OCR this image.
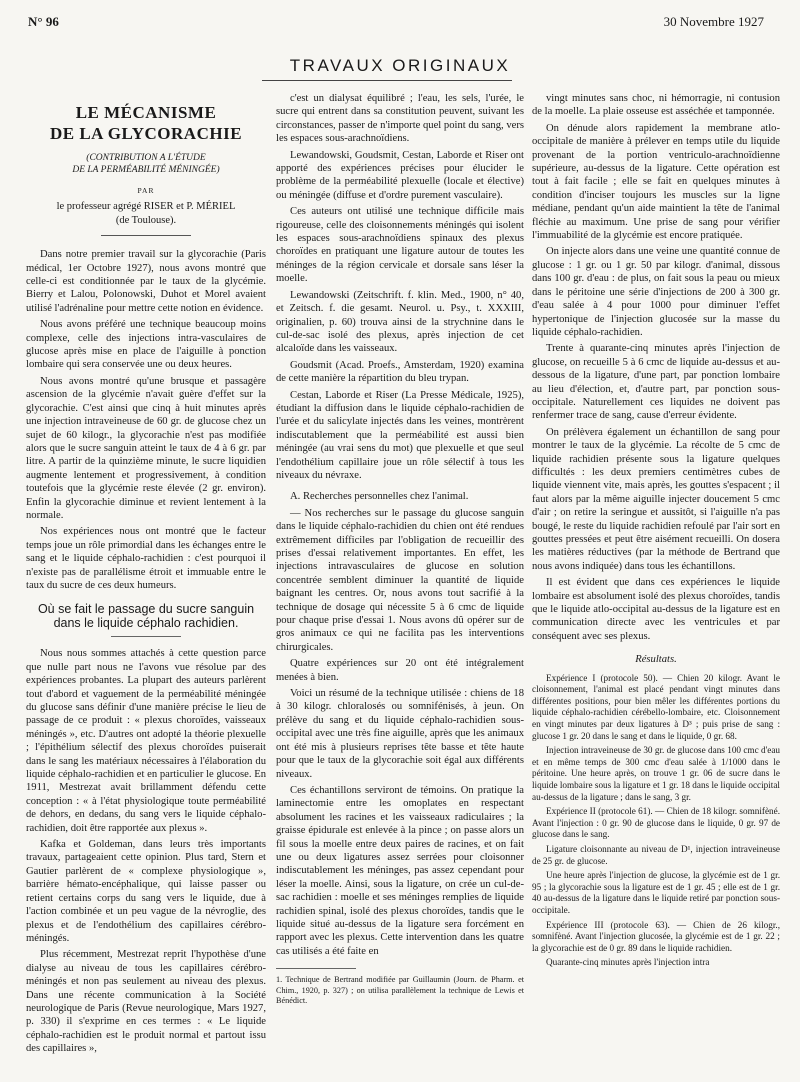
N° 96	30 Novembre 1927
TRAVAUX ORIGINAUX
LE MÉCANISME
DE LA GLYCORACHIE
(CONTRIBUTION A L'ÉTUDE
DE LA PERMÉABILITÉ MÉNINGÉE)
PAR
le professeur agrégé RISER et P. MÉRIEL
(de Toulouse).

Dans notre premier travail sur la glycorachie (Paris médical, 1er Octobre 1927), nous avons montré que celle-ci est conditionnée par le taux de la glycémie. Bierry et Lalou, Polonowski, Duhot et Morel avaient utilisé l'adrénaline pour mettre cette notion en évidence.

Nous avons préféré une technique beaucoup moins complexe, celle des injections intra-vasculaires de glucose après mise en place de l'aiguille à ponction lombaire qui sera conservée une ou deux heures.

Nous avons montré qu'une brusque et passagère ascension de la glycémie n'avait guère d'effet sur la glycorachie. C'est ainsi que cinq à huit minutes après une injection intraveineuse de 60 gr. de glucose chez un sujet de 60 kilogr., la glycorachie n'est pas modifiée alors que le sucre sanguin atteint le taux de 4 à 6 gr. par litre. A partir de la quinzième minute, le sucre liquidien augmente lentement et progressivement, à condition toutefois que la glycémie reste élevée (2 gr. environ). Enfin la glycorachie diminue et revient lentement à la normale.

Nos expériences nous ont montré que le facteur temps joue un rôle primordial dans les échanges entre le sang et le liquide céphalo-rachidien : c'est pourquoi il n'existe pas de parallélisme étroit et immuable entre le taux du sucre de ces deux humeurs.

Où se fait le passage du sucre sanguin dans le liquide céphalo rachidien.

Nous nous sommes attachés à cette question parce que nulle part nous ne l'avons vue résolue par des expériences probantes. La plupart des auteurs parlèrent tout d'abord et vaguement de la perméabilité méningée du glucose sans définir d'une manière précise le lieu de passage de ce produit : « plexus choroïdes, vaisseaux méningés », etc. D'autres ont adopté la théorie plexuelle ; l'épithélium sélectif des plexus choroïdes puiserait dans le sang les matériaux nécessaires à l'élaboration du liquide céphalo-rachidien et en particulier le glucose. En 1911, Mestrezat avait brillamment défendu cette conception : « à l'état physiologique toute perméabilité de dehors, en dedans, du sang vers le liquide céphalo-rachidien, doit être rapportée aux plexus ».

Kafka et Goldeman, dans leurs très importants travaux, partageaient cette opinion. Plus tard, Stern et Gautier parlèrent de « complexe physiologique », barrière hémato-encéphalique, qui laisse passer ou retient certains corps du sang vers le liquide, due à l'action combinée et un peu vague de la névroglie, des plexus et de l'endothélium des capillaires cérébro-méningés.

Plus récemment, Mestrezat reprit l'hypothèse d'une dialyse au niveau de tous les capillaires cérébro-méningés et non pas seulement au niveau des plexus. Dans une récente communication à la Société neurologique de Paris (Revue neurologique, Mars 1927, p. 330) il s'exprime en ces termes : « Le liquide céphalo-rachidien est le produit normal et partout issu des capillaires »,

c'est un dialysat équilibré ; l'eau, les sels, l'urée, le sucre qui entrent dans sa constitution peuvent, suivant les circonstances, passer de n'importe quel point du sang, vers les espaces sous-arachnoïdiens.

Lewandowski, Goudsmit, Cestan, Laborde et Riser ont apporté des expériences précises pour élucider le problème de la perméabilité plexuelle (locale et élective) ou méningée (diffuse et d'ordre purement vasculaire).

Ces auteurs ont utilisé une technique difficile mais rigoureuse, celle des cloisonnements méningés qui isolent les espaces sous-arachnoïdiens spinaux des plexus choroïdes en pratiquant une ligature autour de toutes les méninges de la région cervicale et dorsale sans léser la moelle.

Lewandowski (Zeitschrift. f. klin. Med., 1900, n° 40, et Zeitsch. f. die gesamt. Neurol. u. Psy., t. XXXIII, originalien, p. 60) trouva ainsi de la strychnine dans le cul-de-sac isolé des plexus, après injection de cet alcaloïde dans les vaisseaux.

Goudsmit (Acad. Proefs., Amsterdam, 1920) examina de cette manière la répartition du bleu trypan.

Cestan, Laborde et Riser (La Presse Médicale, 1925), étudiant la diffusion dans le liquide céphalo-rachidien de l'urée et du salicylate injectés dans les veines, montrèrent indiscutablement que la perméabilité est aussi bien méningée (au vrai sens du mot) que plexuelle et que seul l'endothélium capillaire joue un rôle sélectif à tous les niveaux du névraxe.

A. Recherches personnelles chez l'animal.

— Nos recherches sur le passage du glucose sanguin dans le liquide céphalo-rachidien du chien ont été rendues extrêmement difficiles par l'obligation de recueillir des prises d'essai relativement importantes. En effet, les injections intravasculaires de glucose en solution concentrée semblent diminuer la quantité de liquide baignant les centres. Or, nous avons tout sacrifié à la technique de dosage qui nécessite 5 à 6 cmc de liquide pour chaque prise d'essai 1. Nous avons dû opérer sur de gros animaux ce qui ne facilita pas les interventions chirurgicales.

Quatre expériences sur 20 ont été intégralement menées à bien.

Voici un résumé de la technique utilisée : chiens de 18 à 30 kilogr. chloralosés ou somnifénisés, à jeun. On prélève du sang et du liquide céphalo-rachidien sous-occipital avec une très fine aiguille, après que les animaux ont été mis à plusieurs reprises tête basse et tête haute pour que le taux de la glycorachie soit égal aux différents niveaux.

Ces échantillons serviront de témoins. On pratique la laminectomie entre les omoplates en respectant absolument les racines et les vaisseaux radiculaires ; la graisse épidurale est enlevée à la pince ; on passe alors un fil sous la moelle entre deux paires de racines, et on fait une ou deux ligatures assez serrées pour cloisonner indiscutablement les méninges, pas assez cependant pour léser la moelle. Ainsi, sous la ligature, on crée un cul-de-sac rachidien : moelle et ses méninges remplies de liquide rachidien spinal, isolé des plexus choroïdes, tandis que le liquide situé au-dessus de la ligature sera forcément en rapport avec les plexus. Cette intervention dans les quatre cas utilisés a été faite en

1. Technique de Bertrand modifiée par Guillaumin (Journ. de Pharm. et Chim., 1920, p. 327) ; on utilisa parallèlement la technique de Lewis et Bénédict.

vingt minutes sans choc, ni hémorragie, ni contusion de la moelle. La plaie osseuse est asséchée et tamponnée.

On dénude alors rapidement la membrane atlo-occipitale de manière à prélever en temps utile du liquide provenant de la portion ventriculo-arachnoïdienne supérieure, au-dessus de la ligature. Cette opération est tout à fait facile ; elle se fait en quelques minutes à condition d'inciser toujours les muscles sur la ligne médiane, pendant qu'un aide maintient la tête de l'animal fléchie au maximum. Une prise de sang pour vérifier l'immuabilité de la glycémie est encore pratiquée.

On injecte alors dans une veine une quantité connue de glucose : 1 gr. ou 1 gr. 50 par kilogr. d'animal, dissous dans 100 gr. d'eau : de plus, on fait sous la peau ou mieux dans le péritoine une série d'injections de 200 à 300 gr. d'eau salée à 4 pour 1000 pour diminuer l'effet hypertonique de l'injection glucosée sur la masse du liquide céphalo-rachidien.

Trente à quarante-cinq minutes après l'injection de glucose, on recueille 5 à 6 cmc de liquide au-dessus et au-dessous de la ligature, d'une part, par ponction lombaire au lieu d'élection, et, d'autre part, par ponction sous-occipitale. Naturellement ces liquides ne doivent pas renfermer trace de sang, cause d'erreur évidente.

On prélèvera également un échantillon de sang pour montrer le taux de la glycémie. La récolte de 5 cmc de liquide rachidien présente sous la ligature quelques difficultés : les deux premiers centimètres cubes de liquide viennent vite, mais après, les gouttes s'espacent ; il faut alors par la même aiguille injecter doucement 5 cmc d'air ; on retire la seringue et aussitôt, si l'aiguille n'a pas bougé, le reste du liquide rachidien refoulé par l'air sort en gouttes pressées et peut être aisément recueilli. On dosera les matières réductives (par la méthode de Bertrand que nous avons indiquée) dans tous les échantillons.

Il est évident que dans ces expériences le liquide lombaire est absolument isolé des plexus choroïdes, tandis que le liquide atlo-occipital au-dessus de la ligature est en communication directe avec les ventricules et par conséquent avec ses plexus.

Résultats.

Expérience I (protocole 50). — Chien 20 kilogr. Avant le cloisonnement, l'animal est placé pendant vingt minutes dans différentes positions, pour bien mêler les différentes portions du liquide céphalo-rachidien cérébello-lombaire, etc. Cloisonnement en vingt minutes par deux ligatures à D³ ; puis prise de sang : glucose 1 gr. 20 dans le sang et dans le liquide, 0 gr. 68.

Injection intraveineuse de 30 gr. de glucose dans 100 cmc d'eau et en même temps de 300 cmc d'eau salée à 1/1000 dans le péritoine. Une heure après, on trouve 1 gr. 06 de sucre dans le liquide lombaire sous la ligature et 1 gr. 18 dans le liquide occipital au-dessus de la ligature ; dans le sang, 3 gr.

Expérience II (protocole 61). — Chien de 18 kilogr. somnifèné. Avant l'injection : 0 gr. 90 de glucose dans le liquide, 0 gr. 97 de glucose dans le sang.

Ligature cloisonnante au niveau de D¹, injection intraveineuse de 25 gr. de glucose.

Une heure après l'injection de glucose, la glycémie est de 1 gr. 95 ; la glycorachie sous la ligature est de 1 gr. 45 ; elle est de 1 gr. 40 au-dessus de la ligature dans le liquide retiré par ponction sous-occipitale.

Expérience III (protocole 63). — Chien de 26 kilogr., somnifèné. Avant l'injection glucosée, la glycémie est de 1 gr. 22 ; la glycorachie est de 0 gr. 89 dans le liquide rachidien.

Quarante-cinq minutes après l'injection intra
